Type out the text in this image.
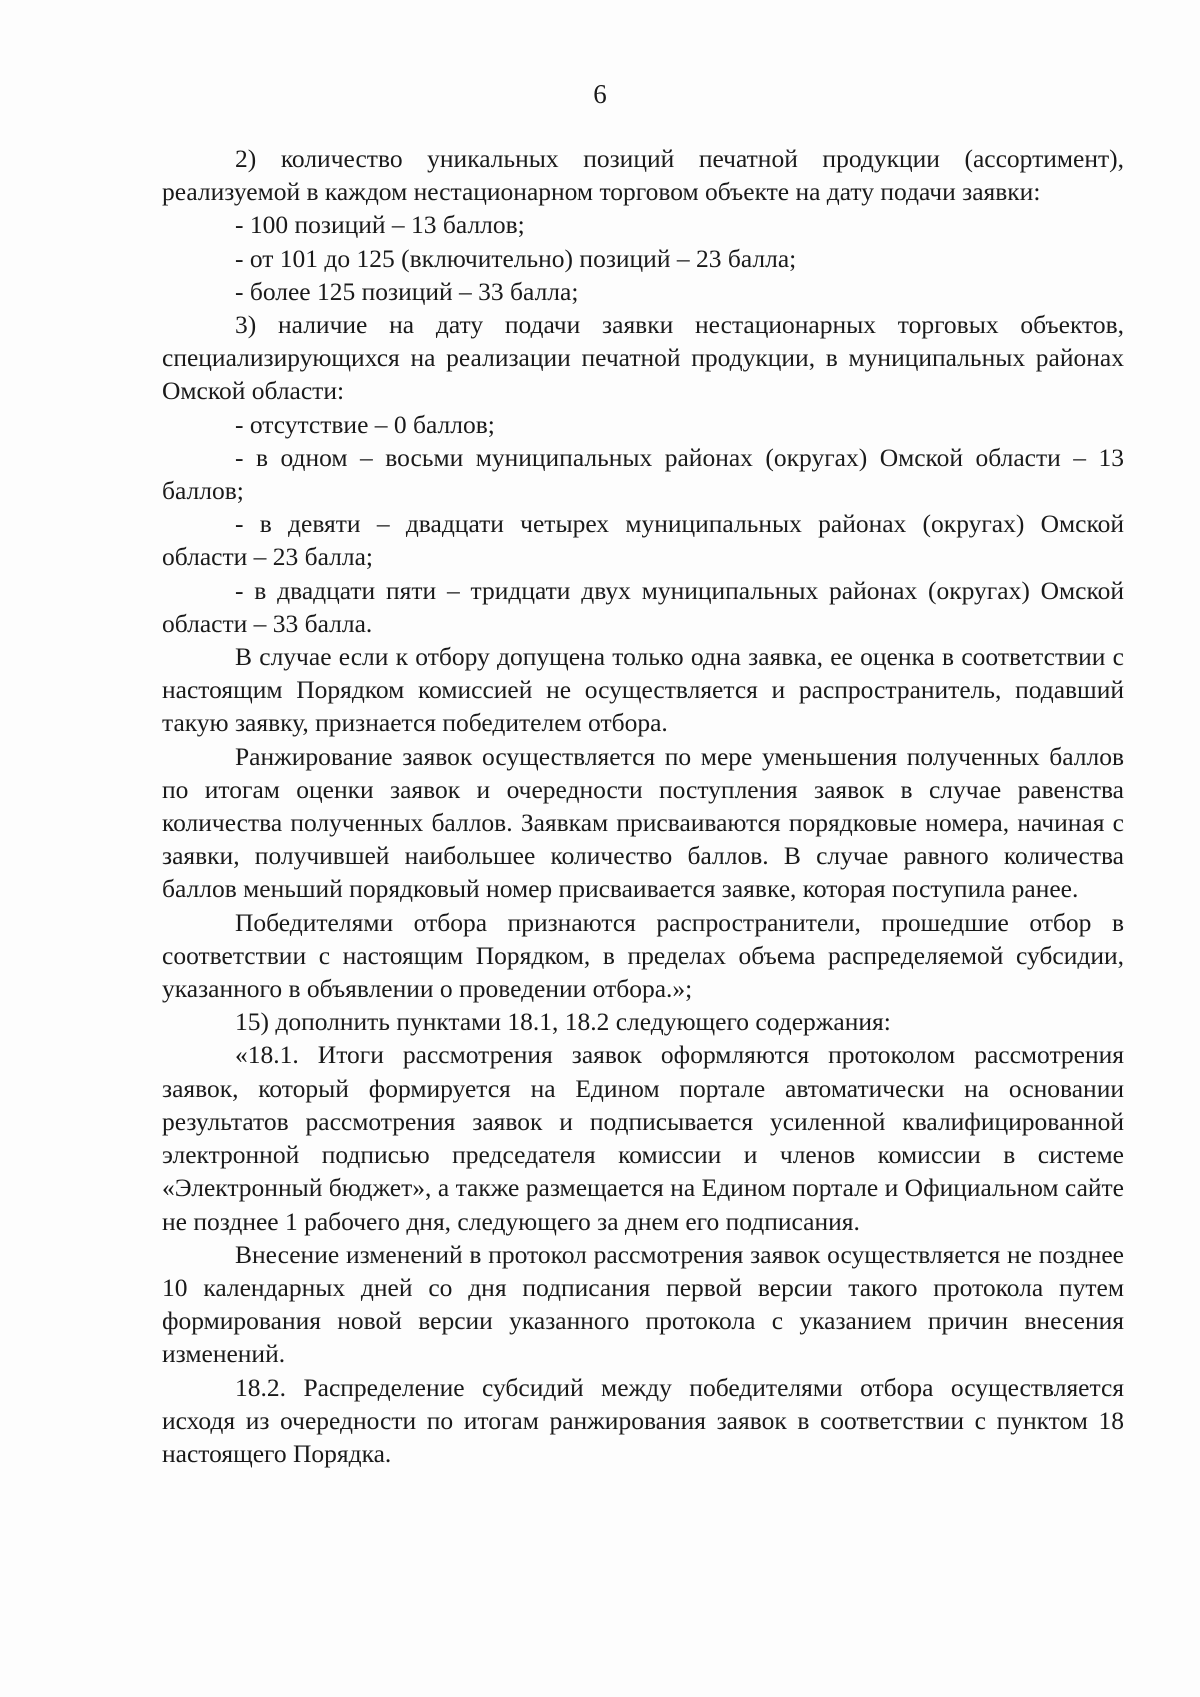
6

2) количество уникальных позиций печатной продукции (ассортимент), реализуемой в каждом нестационарном торговом объекте на дату подачи заявки:

- 100 позиций – 13 баллов;

- от 101 до 125 (включительно) позиций – 23 балла;

- более 125 позиций – 33 балла;

3) наличие на дату подачи заявки нестационарных торговых объектов, специализирующихся на реализации печатной продукции, в муниципальных районах Омской области:

- отсутствие – 0 баллов;

- в одном – восьми муниципальных районах (округах) Омской области – 13 баллов;

- в девяти – двадцати четырех муниципальных районах (округах) Омской области – 23 балла;

- в двадцати пяти – тридцати двух муниципальных районах (округах) Омской области – 33 балла.

В случае если к отбору допущена только одна заявка, ее оценка в соответствии с настоящим Порядком комиссией не осуществляется и распространитель, подавший такую заявку, признается победителем отбора.

Ранжирование заявок осуществляется по мере уменьшения полученных баллов по итогам оценки заявок и очередности поступления заявок в случае равенства количества полученных баллов. Заявкам присваиваются порядковые номера, начиная с заявки, получившей наибольшее количество баллов. В случае равного количества баллов меньший порядковый номер присваивается заявке, которая поступила ранее.

Победителями отбора признаются распространители, прошедшие отбор в соответствии с настоящим Порядком, в пределах объема распределяемой субсидии, указанного в объявлении о проведении отбора.»;

15) дополнить пунктами 18.1, 18.2 следующего содержания:

«18.1. Итоги рассмотрения заявок оформляются протоколом рассмотрения заявок, который формируется на Едином портале автоматически на основании результатов рассмотрения заявок и подписывается усиленной квалифицированной электронной подписью председателя комиссии и членов комиссии в системе «Электронный бюджет», а также размещается на Едином портале и Официальном сайте не позднее 1 рабочего дня, следующего за днем его подписания.

Внесение изменений в протокол рассмотрения заявок осуществляется не позднее 10 календарных дней со дня подписания первой версии такого протокола путем формирования новой версии указанного протокола с указанием причин внесения изменений.

18.2. Распределение субсидий между победителями отбора осуществляется исходя из очередности по итогам ранжирования заявок в соответствии с пунктом 18 настоящего Порядка.
